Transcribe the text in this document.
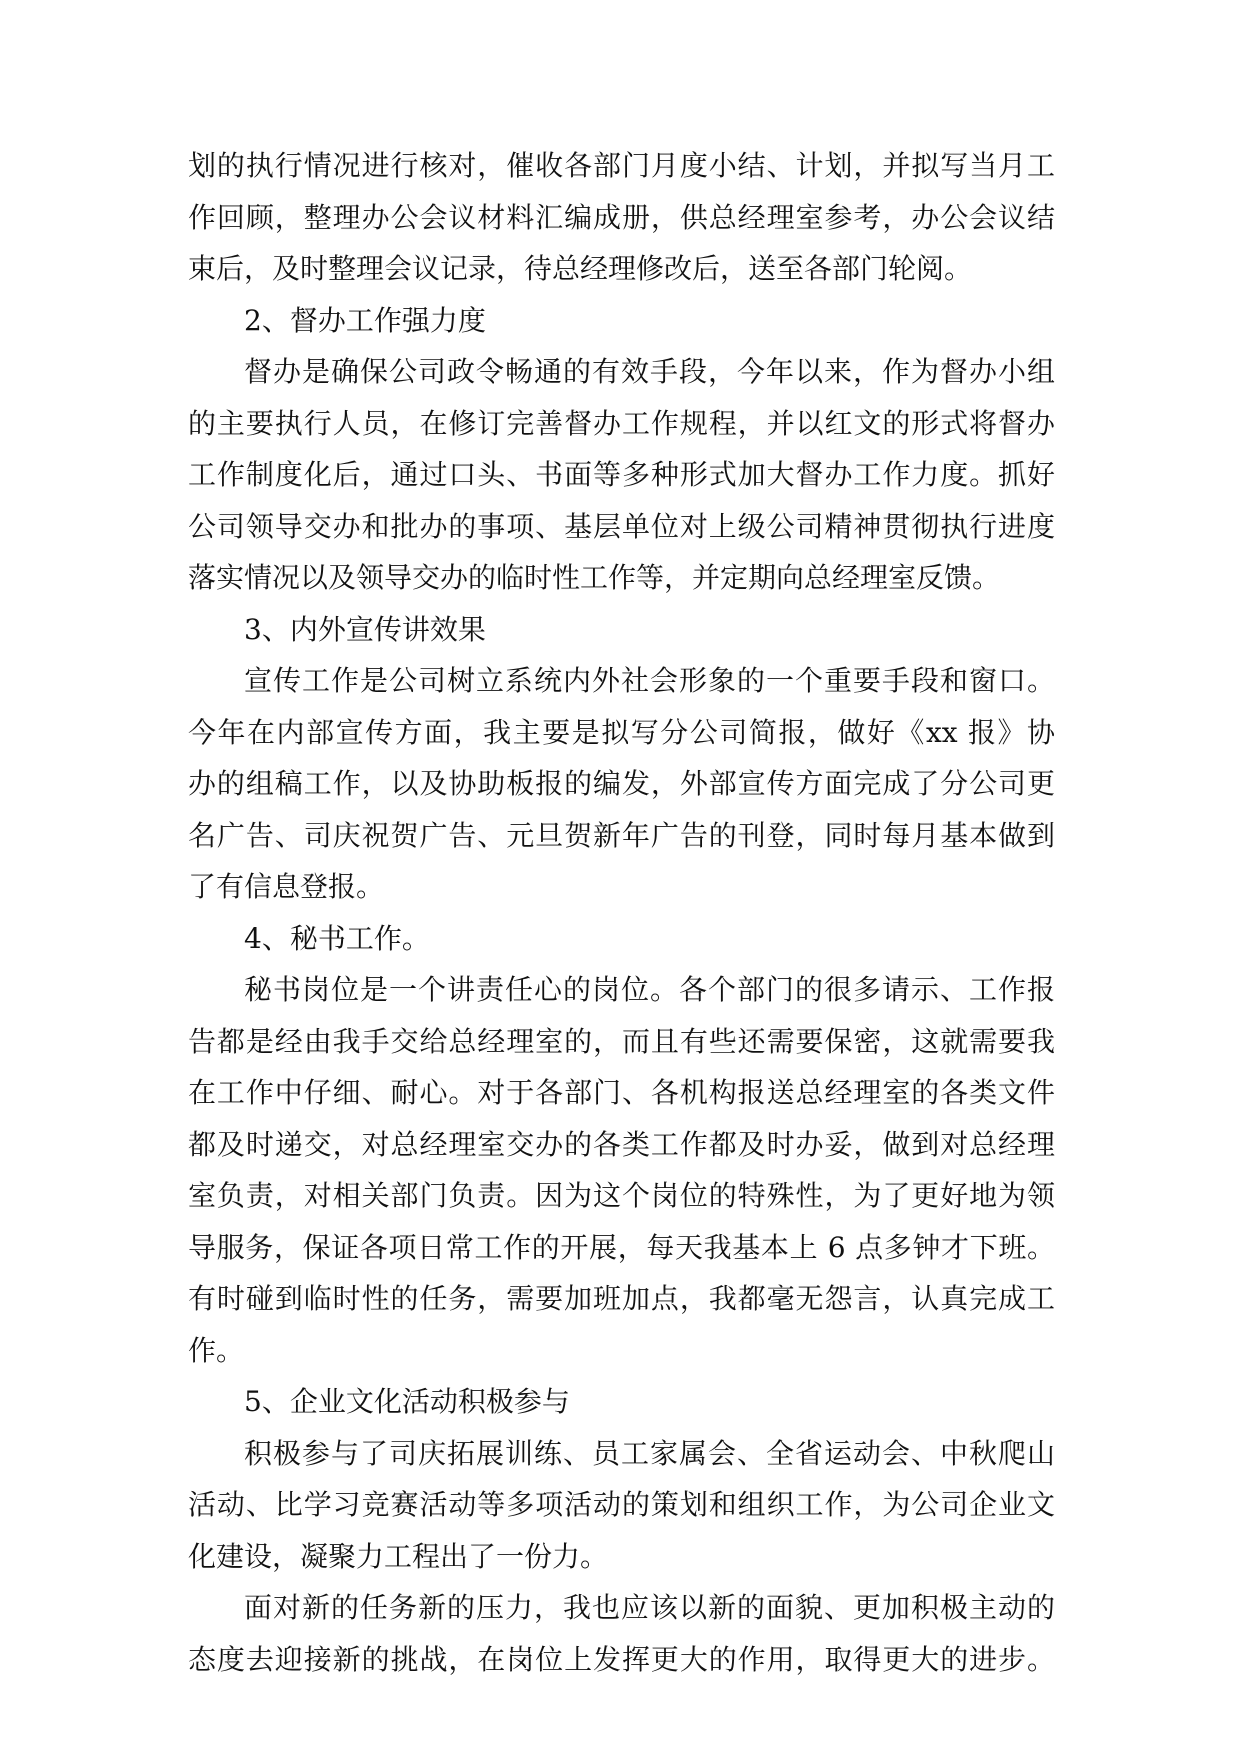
划的执行情况进行核对，催收各部门月度小结、计划，并拟写当月工
作回顾，整理办公会议材料汇编成册，供总经理室参考，办公会议结
束后，及时整理会议记录，待总经理修改后，送至各部门轮阅。
2、督办工作强力度
督办是确保公司政令畅通的有效手段，今年以来，作为督办小组
的主要执行人员，在修订完善督办工作规程，并以红文的形式将督办
工作制度化后，通过口头、书面等多种形式加大督办工作力度。抓好
公司领导交办和批办的事项、基层单位对上级公司精神贯彻执行进度
落实情况以及领导交办的临时性工作等，并定期向总经理室反馈。
3、内外宣传讲效果
宣传工作是公司树立系统内外社会形象的一个重要手段和窗口。
今年在内部宣传方面，我主要是拟写分公司简报，做好《xx 报》协
办的组稿工作，以及协助板报的编发，外部宣传方面完成了分公司更
名广告、司庆祝贺广告、元旦贺新年广告的刊登，同时每月基本做到
了有信息登报。
4、秘书工作。
秘书岗位是一个讲责任心的岗位。各个部门的很多请示、工作报
告都是经由我手交给总经理室的，而且有些还需要保密，这就需要我
在工作中仔细、耐心。对于各部门、各机构报送总经理室的各类文件
都及时递交，对总经理室交办的各类工作都及时办妥，做到对总经理
室负责，对相关部门负责。因为这个岗位的特殊性，为了更好地为领
导服务，保证各项日常工作的开展，每天我基本上 6 点多钟才下班。
有时碰到临时性的任务，需要加班加点，我都毫无怨言，认真完成工
作。
5、企业文化活动积极参与
积极参与了司庆拓展训练、员工家属会、全省运动会、中秋爬山
活动、比学习竞赛活动等多项活动的策划和组织工作，为公司企业文
化建设，凝聚力工程出了一份力。
面对新的任务新的压力，我也应该以新的面貌、更加积极主动的
态度去迎接新的挑战，在岗位上发挥更大的作用，取得更大的进步。
